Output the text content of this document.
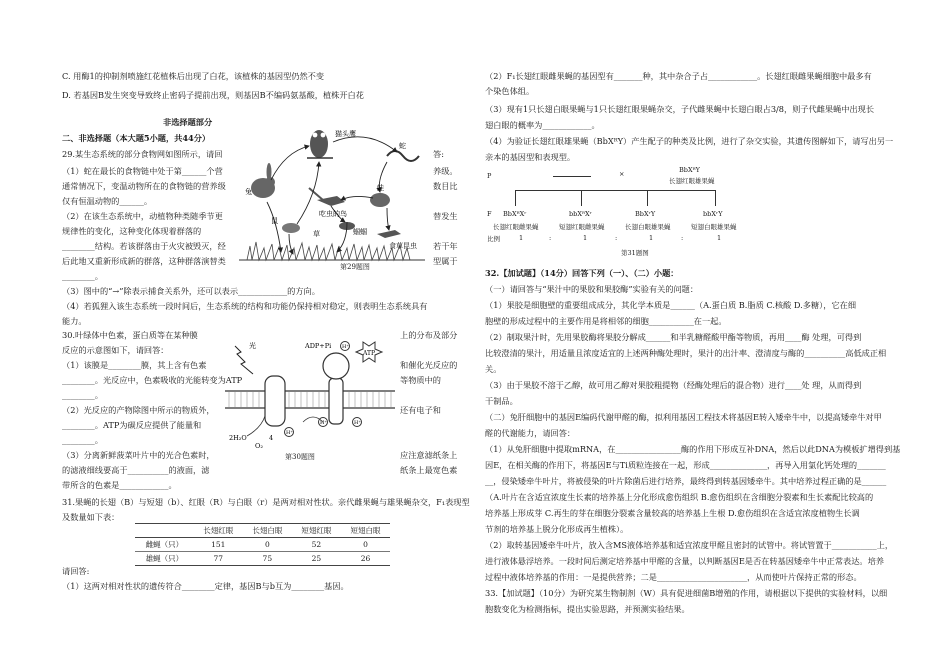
C. 用酶1的抑制剂喷施红花植株后出现了白花，该植株的基因型仍然不变
D. 若基因B发生突变导致终止密码子提前出现，则基因B不编码氨基酸，植株开白花
非选择题部分
二、非选择题（本大题5小题，共44分）
29.某生态系统的部分食物网如图所示，请回	答:
（1）蛇在最长的食物链中处于第______个营	养级。
通常情况下，变温动物所在的食物链的营养级	数目比
仅有恒温动物的______。
（2）在该生态系统中，动植物种类随季节更	替发生
规律性的变化，这种变化体现着群落的
________结构。若该群落由于火灾被毁灭，经	若干年
后此地又重新形成新的群落，这种群落演替类	型属于
________。
（3）图中的“→”除表示捕食关系外，还可以表示____________的方向。
（4）若狐狸入该生态系统一段时间后，生态系统的结构和功能仍保持相对稳定，则表明生态系统具有
能力。
猫头鹰
蛇
蛙
吃虫的鸟
兔
鼠
草	蝈蝈
食草昆虫
第29题图
30.叶绿体中色素，蛋白质等在某种膜	上的分布及部分
反应的示意图如下，请回答：
（1）该膜是________膜，其上含有色素	和催化光反应的
________。光反应中，色素吸收的光能转变为ATP	等物质中的
________。
（2）光反应的产物除图中所示的物质外，	还有电子和
________。ATP为碳反应提供了能量和
________。
（3）分离新鲜菠菜叶片中的光合色素时，	应注意滤纸条上
的滤液细线要高于__________的液面，滤	纸条上最宽色素
带所含的色素是____________。
光	ADP+Pi
ATP
H⁺
H⁺
H⁺	H⁺
2H₂O
O₂
4
第30题图
31.果蝇的长翅（B）与短翅（b）、红眼（R）与白眼（r）是两对相对性状。亲代雌果蝇与雄果蝇杂交，F₁表现型
及数量如下表：
	长翅红眼	长翅白眼	短翅红眼	短翅白眼
雌蝇（只）	151	0	52	0
雄蝇（只）	77	75	25	26
请回答:
（1）这两对相对性状的遗传符合________定律，基因B与b互为________基因。
（2）F₁长翅红眼雌果蝇的基因型有_______种，其中杂合子占____________。长翅红眼雌果蝇细胞中最多有
个染色体组。
（3）现有1只长翅白眼果蝇与1只长翅红眼果蝇杂交，子代雌果蝇中长翅白眼占3/8，则子代雌果蝇中出现长
翅白眼的概率为____________。
（4）为验证长翅红眼雄果蝇（BbXᴿY）产生配子的种类及比例，进行了杂交实验，其遗传图解如下，请写出另一
亲本的基因型和表现型。
P	×	BbXᴿY
长翅红眼雄果蝇
F BbXᴿXʳ	bbXᴿXʳ	BbXʳY	bbXʳY
长翅红眼雌果蝇	短翅红眼雌果蝇	长翅白眼雄果蝇	短翅白眼雄果蝇
比例	1	:	1	:	1	:	1
第31题图
32.【加试题】（14分）回答下列（一）、（二）小题：
（一）请回答与“果汁中的果胶和果胶酶”实验有关的问题：
（1）果胶是细胞壁的重要组成成分，其化学本质是______（A.蛋白质 B.脂质 C.核酸 D.多糖），它在细
胞壁的形成过程中的主要作用是将相邻的细胞___________在一起。
（2）制取果汁时，先用果胶酶将果胶分解成______和半乳糖醛酸甲酯等物质，再用____酶 处理，可得到
比较澄清的果汁，用适量且浓度适宜的上述两种酶处理时，果汁的出汁率、澄清度与酶的__________高低成正相
关。
（3）由于果胶不溶于乙醇，故可用乙醇对果胶粗提物（经酶处理后的混合物）进行____处 理，从而得到
干制品。
（二）兔肝细胞中的基因E编码代谢甲醛的酶，拟利用基因工程技术将基因E转入矮牵牛中，以提高矮牵牛对甲
醛的代谢能力，请回答：
（1）从兔肝细胞中提取mRNA，在________________酶的作用下形成互补DNA，然后以此DNA为模板扩增得到基
因E，在相关酶的作用下，将基因E与Ti质粒连接在一起，形成______________，再导入用氯化钙处理的_______
__，侵染矮牵牛叶片，将被侵染的叶片除菌后进行培养，最终得到转基因矮牵牛。其中培养过程正确的是______
（A.叶片在含适宜浓度生长素的培养基上分化形成愈伤组织 B.愈伤组织在含细胞分裂素和生长素配比较高的
培养基上形成芽 C.再生的芽在细胞分裂素含量较高的培养基上生根 D.愈伤组织在含适宜浓度植物生长调
节剂的培养基上脱分化形成再生植株）。
（2）取转基因矮牵牛叶片，放入含MS液体培养基和适宜浓度甲醛且密封的试管中。将试管置于___________上，
进行液体悬浮培养。一段时间后测定培养基中甲醛的含量，以判断基因E是否在转基因矮牵牛中正常表达。培养
过程中液体培养基的作用：一是提供营养；二是______________________，从而使叶片保持正常的形态。
33.【加试题】（10分）为研究某生物制剂（W）具有促进细菌B增殖的作用，请根据以下提供的实验材料，以细
胞数变化为检测指标，提出实验思路，并预测实验结果。
